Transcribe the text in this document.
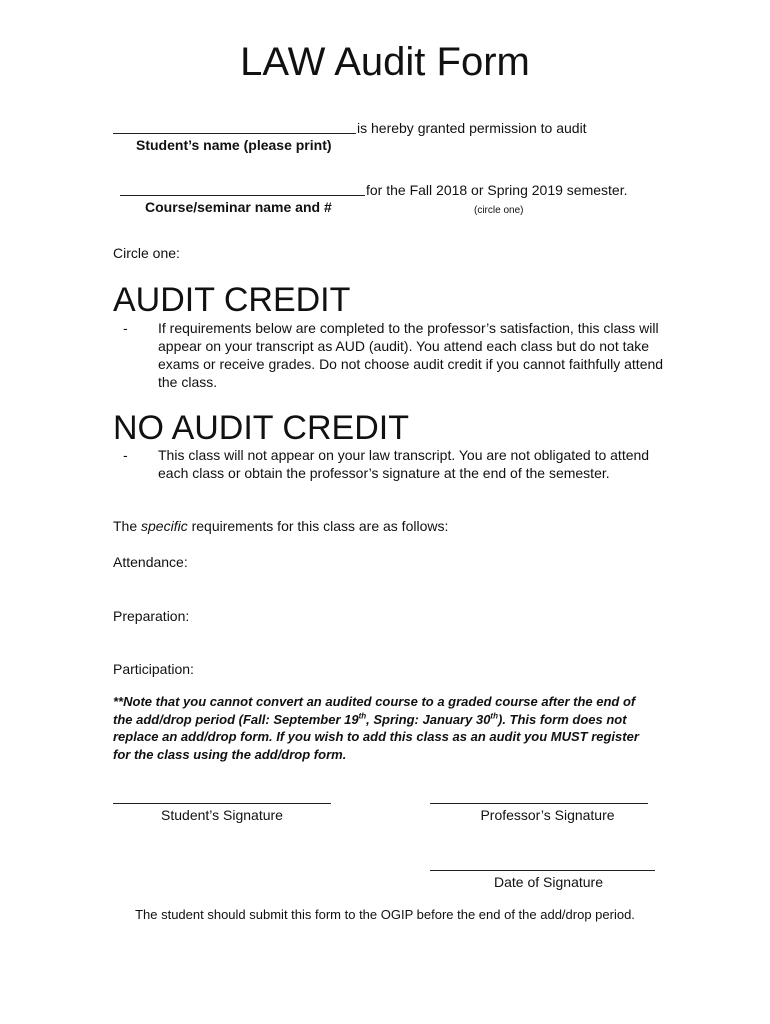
LAW Audit Form
is hereby granted permission to audit
Student’s name (please print)
for the Fall 2018 or Spring 2019 semester.
Course/seminar name and #	(circle one)
Circle one:
AUDIT CREDIT
- If requirements below are completed to the professor’s satisfaction, this class will appear on your transcript as AUD (audit). You attend each class but do not take exams or receive grades. Do not choose audit credit if you cannot faithfully attend the class.
NO AUDIT CREDIT
- This class will not appear on your law transcript. You are not obligated to attend each class or obtain the professor’s signature at the end of the semester.
The specific requirements for this class are as follows:
Attendance:
Preparation:
Participation:
**Note that you cannot convert an audited course to a graded course after the end of the add/drop period (Fall: September 19th, Spring: January 30th). This form does not replace an add/drop form. If you wish to add this class as an audit you MUST register for the class using the add/drop form.
Student’s Signature	Professor’s Signature
Date of Signature
The student should submit this form to the OGIP before the end of the add/drop period.
